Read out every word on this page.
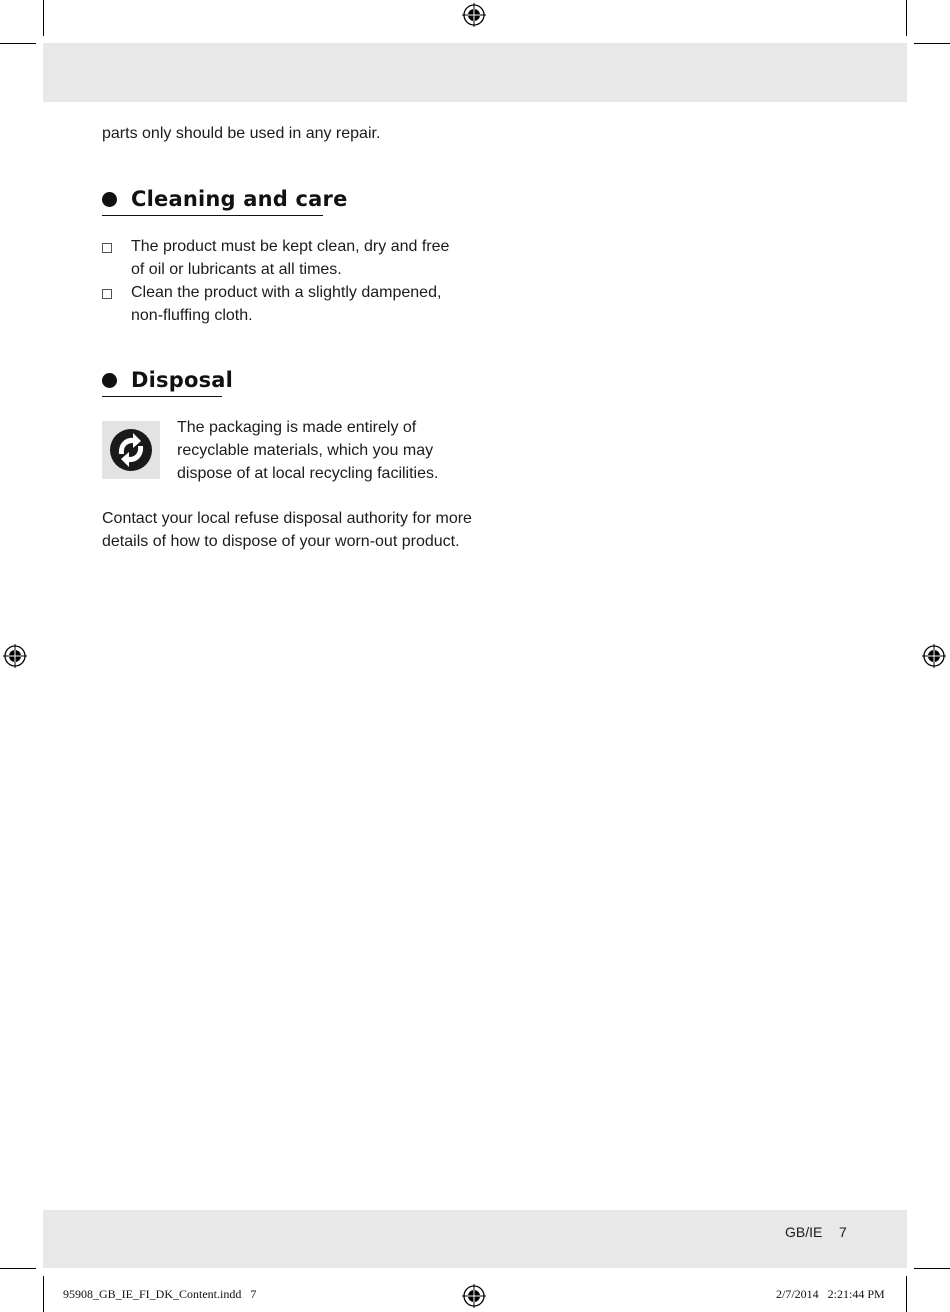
parts only should be used in any repair.
Cleaning and care
The product must be kept clean, dry and free
of oil or lubricants at all times.
Clean the product with a slightly dampened,
non-fluffing cloth.
Disposal
The packaging is made entirely of
recyclable materials, which you may
dispose of at local recycling facilities.
Contact your local refuse disposal authority for more
details of how to dispose of your worn-out product.
GB/IE 7
95908_GB_IE_FI_DK_Content.indd   7	2/7/2014   2:21:44 PM
